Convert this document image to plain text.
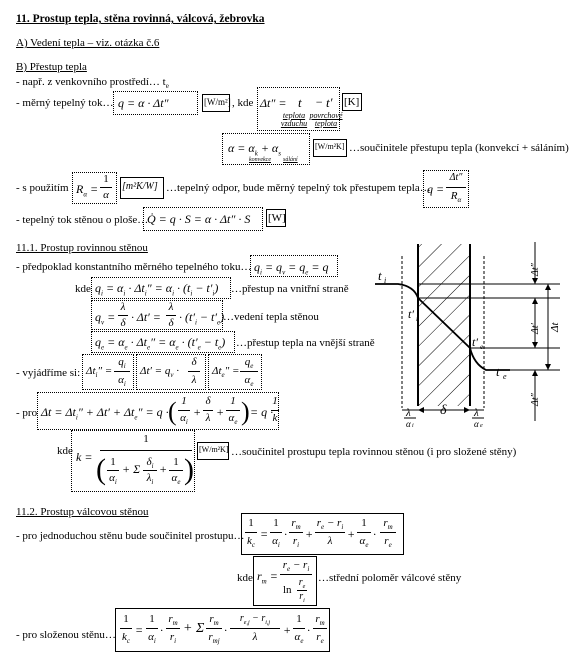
11. Prostup tepla, stěna rovinná, válcová, žebrovka
A) Vedení tepla – viz. otázka č.6
B) Přestup tepla
- např. z venkovního prostředí… $t_e$
- měrný tepelný tok… q = α · Δt″	[W/m²] , kde Δt″ = t − t′
teplota vzduchu
povrchové teplota
[K]
$\alpha = \alpha_k + \alpha_s$
konvekce sálání
[W/m²K] …součinitele přestupu tepla (konvekcí + sáláním)
- s použitím $R_\alpha$ =
1
α
[m²K/W] …tepelný odpor, bude měrný tepelný tok přestupem tepla…
q =
Δt″
$R_\alpha$
- tepelný tok stěnou o ploše…
Q̇ = q · S = α · Δt″ · S [W]
11.1. Prostup rovinnou stěnou
- předpoklad konstantního měrného tepelného toku… $q_i = q_v = q_e = q$
kde $q_i = \alpha_i \cdot \Delta t_i'' = \alpha_i \cdot (t_i - t'_i)$ …přestup na vnitřní straně
$q_v$ =
λ
δ · Δt′ =
λ
$\delta \cdot (t'_i - t'_e)$
…vedení tepla stěnou
$q_e = \alpha_e \cdot \Delta t_e'' = \alpha_e \cdot (t'_e - t_e)$ …přestup tepla na vnější straně
- vyjádříme si: $\Delta t_i''$ =
$q_i$
$\alpha_i$
$\Delta t' = q_v$ ·
δ
λ
$\Delta t_e''$ =
$q_e$
$\alpha_e$
- pro $\Delta t = \Delta t_i'' + \Delta t' + \Delta t_e'' = q$ · ( 1
$\alpha_i$
+
δ
λ +
1
$\alpha_e$ ) = q ·
1
k
kde k =
1
( 1
$\alpha_i$
+ Σ $\delta_i$
$\lambda_i$
+ 1
$\alpha_e$ )
[W/m²K] …součinitel prostupu tepla rovinnou stěnou (i pro složené stěny)
11.2. Prostup válcovou stěnou
- pro jednoduchou stěnu bude součinitel prostupu…
1
$k_c$
=
1
$\alpha_i$
·
$r_m$
$r_i$
+
$r_e - r_i$
λ	+
1
$\alpha_e$
·
$r_m$
$r_e$
kde $r_m$ =
$r_e - r_i$
ln
$r_e$
$r_i$
…střední poloměr válcové stěny
- pro složenou stěnu…
1
$k_c$
=
1
$\alpha_i$
·
$r_m$
$r_i$
+ Σ
$r_m$
$r_{mj}$
·
$r_{e,j} - r_{i,j}$
λ	+
1
$\alpha_e$
·
$r_m$
$r_e$
t i
t′ i
t′ e
t e
λ
α i
δ λ
α e
Δt″
Δt′ Δt
Δt″
